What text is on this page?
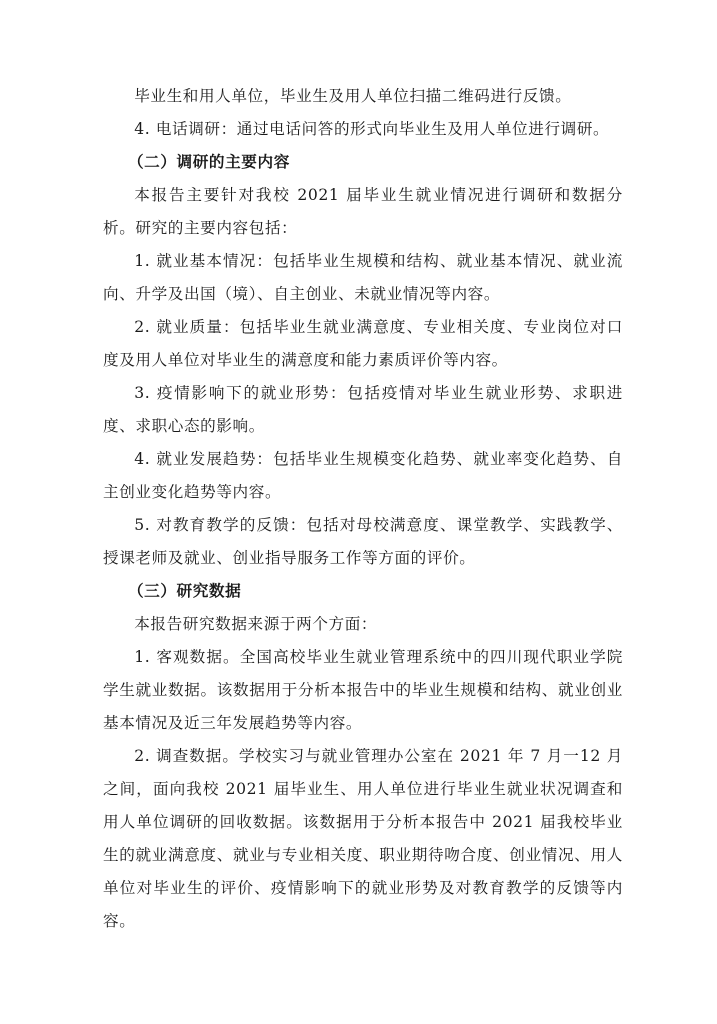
毕业生和用人单位，毕业生及用人单位扫描二维码进行反馈。

4. 电话调研：通过电话问答的形式向毕业生及用人单位进行调研。

（二）调研的主要内容

本报告主要针对我校 2021 届毕业生就业情况进行调研和数据分析。研究的主要内容包括：

1. 就业基本情况：包括毕业生规模和结构、就业基本情况、就业流向、升学及出国（境）、自主创业、未就业情况等内容。

2. 就业质量：包括毕业生就业满意度、专业相关度、专业岗位对口度及用人单位对毕业生的满意度和能力素质评价等内容。

3. 疫情影响下的就业形势：包括疫情对毕业生就业形势、求职进度、求职心态的影响。

4. 就业发展趋势：包括毕业生规模变化趋势、就业率变化趋势、自主创业变化趋势等内容。

5. 对教育教学的反馈：包括对母校满意度、课堂教学、实践教学、授课老师及就业、创业指导服务工作等方面的评价。

（三）研究数据

本报告研究数据来源于两个方面：

1. 客观数据。全国高校毕业生就业管理系统中的四川现代职业学院学生就业数据。该数据用于分析本报告中的毕业生规模和结构、就业创业基本情况及近三年发展趋势等内容。

2. 调查数据。学校实习与就业管理办公室在 2021 年 7 月一12 月之间，面向我校 2021 届毕业生、用人单位进行毕业生就业状况调查和用人单位调研的回收数据。该数据用于分析本报告中 2021 届我校毕业生的就业满意度、就业与专业相关度、职业期待吻合度、创业情况、用人单位对毕业生的评价、疫情影响下的就业形势及对教育教学的反馈等内容。
